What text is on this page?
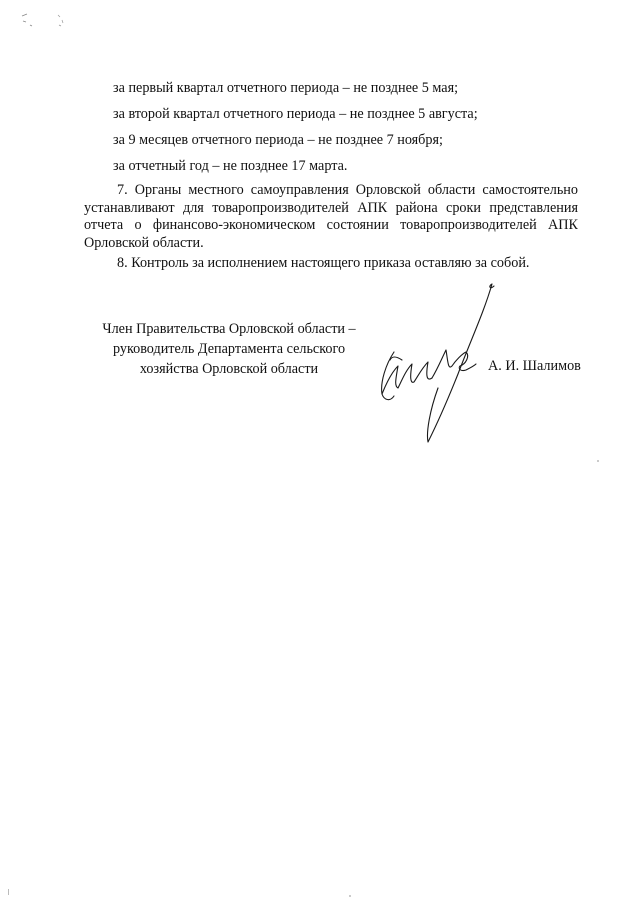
за первый квартал отчетного периода – не позднее 5 мая;
за второй квартал отчетного периода – не позднее 5 августа;
за 9 месяцев отчетного периода – не позднее 7 ноября;
за отчетный год – не позднее 17 марта.
7. Органы местного самоуправления Орловской области самостоятельно
устанавливают для товаропроизводителей АПК района сроки представления
отчета о финансово-экономическом состоянии товаропроизводителей АПК
Орловской области.
8. Контроль за исполнением настоящего приказа оставляю за собой.
Член Правительства Орловской области –
руководитель Департамента сельского
хозяйства Орловской области	А. И. Шалимов
